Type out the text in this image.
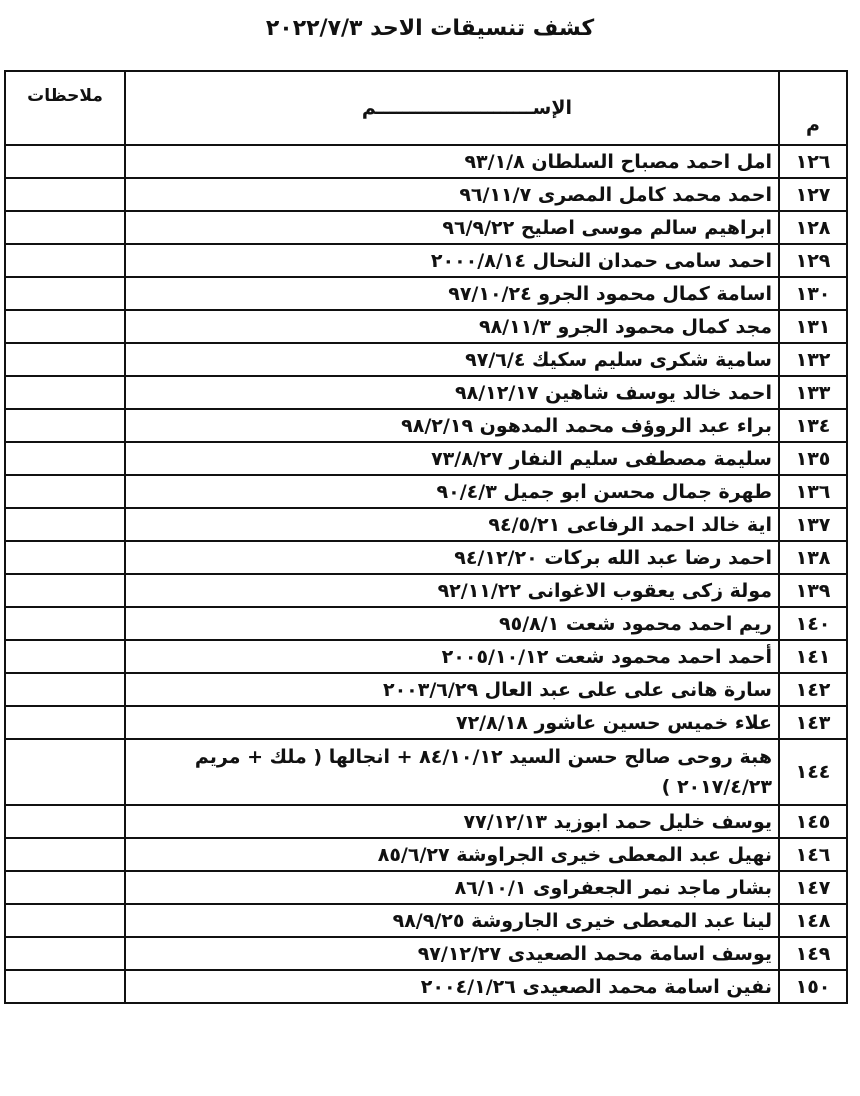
كشف تنسيقات الاحد ٢٠٢٢/٧/٣
م	الإســــــــــــــــــــــــم	ملاحظات
١٢٦	امل احمد مصباح السلطان ٩٣/١/٨	
١٢٧	احمد محمد كامل المصرى ٩٦/١١/٧	
١٢٨	ابراهيم سالم موسى اصليح ٩٦/٩/٢٢	
١٢٩	احمد سامى حمدان النحال ٢٠٠٠/٨/١٤	
١٣٠	اسامة كمال محمود الجرو ٩٧/١٠/٢٤	
١٣١	مجد كمال محمود الجرو ٩٨/١١/٣	
١٣٢	سامية شكرى سليم سكيك ٩٧/٦/٤	
١٣٣	احمد خالد يوسف شاهين ٩٨/١٢/١٧	
١٣٤	براء عبد الروؤف محمد المدهون ٩٨/٢/١٩	
١٣٥	سليمة مصطفى سليم النفار ٧٣/٨/٢٧	
١٣٦	طهرة جمال محسن ابو جميل ٩٠/٤/٣	
١٣٧	اية خالد احمد الرفاعى ٩٤/٥/٢١	
١٣٨	احمد رضا عبد الله بركات ٩٤/١٢/٢٠	
١٣٩	مولة زكى يعقوب الاغوانى ٩٢/١١/٢٢	
١٤٠	ريم احمد محمود شعت ٩٥/٨/١	
١٤١	أحمد احمد محمود شعت ٢٠٠٥/١٠/١٢	
١٤٢	سارة هانى على على عبد العال ٢٠٠٣/٦/٢٩	
١٤٣	علاء خميس حسين عاشور ٧٢/٨/١٨	
١٤٤	هبة روحى صالح حسن السيد ٨٤/١٠/١٢ + انجالها ( ملك + مريم ٢٠١٧/٤/٢٣ )	
١٤٥	يوسف خليل حمد ابوزيد ٧٧/١٢/١٣	
١٤٦	نهيل عبد المعطى خيرى الجراوشة ٨٥/٦/٢٧	
١٤٧	بشار ماجد نمر الجعفراوى ٨٦/١٠/١	
١٤٨	لينا عبد المعطى خيرى الجاروشة ٩٨/٩/٢٥	
١٤٩	يوسف اسامة محمد الصعيدى ٩٧/١٢/٢٧	
١٥٠	نفين اسامة محمد الصعيدى ٢٠٠٤/١/٢٦	
